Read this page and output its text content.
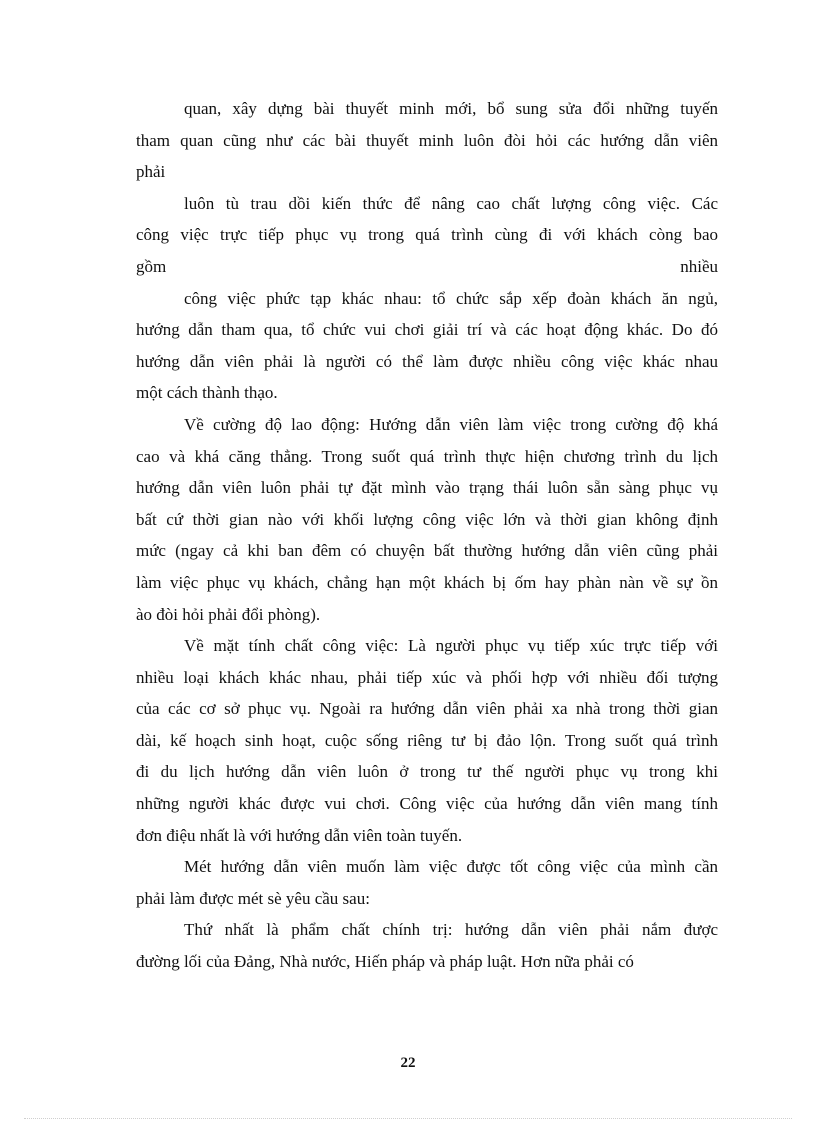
quan, xây dựng bài thuyết minh mới, bổ sung sửa đổi những tuyến
tham quan cũng như các bài thuyết minh luôn đòi hỏi các hướng dẫn viên
phải
luôn tù trau dồi kiến thức để nâng cao chất lượng công việc. Các
công việc trực tiếp phục vụ trong quá trình cùng đi với khách còng bao
gồm nhiều
công việc phức tạp khác nhau: tổ chức sắp xếp đoàn khách ăn ngủ,
hướng dẫn tham qua, tổ chức vui chơi giải trí và các hoạt động khác. Do đó
hướng dẫn viên phải là người có thể làm được nhiều công việc khác nhau
một cách thành thạo.
Về cường độ lao động: Hướng dẫn viên làm việc trong cường độ khá
cao và khá căng thẳng. Trong suốt quá trình thực hiện chương trình du lịch
hướng dẫn viên luôn phải tự đặt mình vào trạng thái luôn sẵn sàng phục vụ
bất cứ thời gian nào với khối lượng công việc lớn và thời gian không định
mức (ngay cả khi ban đêm có chuyện bất thường hướng dẫn viên cũng phải
làm việc phục vụ khách, chẳng hạn một khách bị ốm hay phàn nàn về sự ồn
ào đòi hỏi phải đổi phòng).
Về mặt tính chất công việc: Là người phục vụ tiếp xúc trực tiếp với
nhiều loại khách khác nhau, phải tiếp xúc và phối hợp với nhiều đối tượng
của các cơ sở phục vụ. Ngoài ra hướng dẫn viên phải xa nhà trong thời gian
dài, kế hoạch sinh hoạt, cuộc sống riêng tư bị đảo lộn. Trong suốt quá trình
đi du lịch hướng dẫn viên luôn ở trong tư thế người phục vụ trong khi
những người khác được vui chơi. Công việc của hướng dẫn viên mang tính
đơn điệu nhất là với hướng dẫn viên toàn tuyến.
Mét hướng dẫn viên muốn làm việc được tốt công việc của mình cần
phải làm được mét sè yêu cầu sau:
Thứ nhất là phẩm chất chính trị: hướng dẫn viên phải nắm được
đường lối của Đảng, Nhà nước, Hiến pháp và pháp luật. Hơn nữa phải có
22
